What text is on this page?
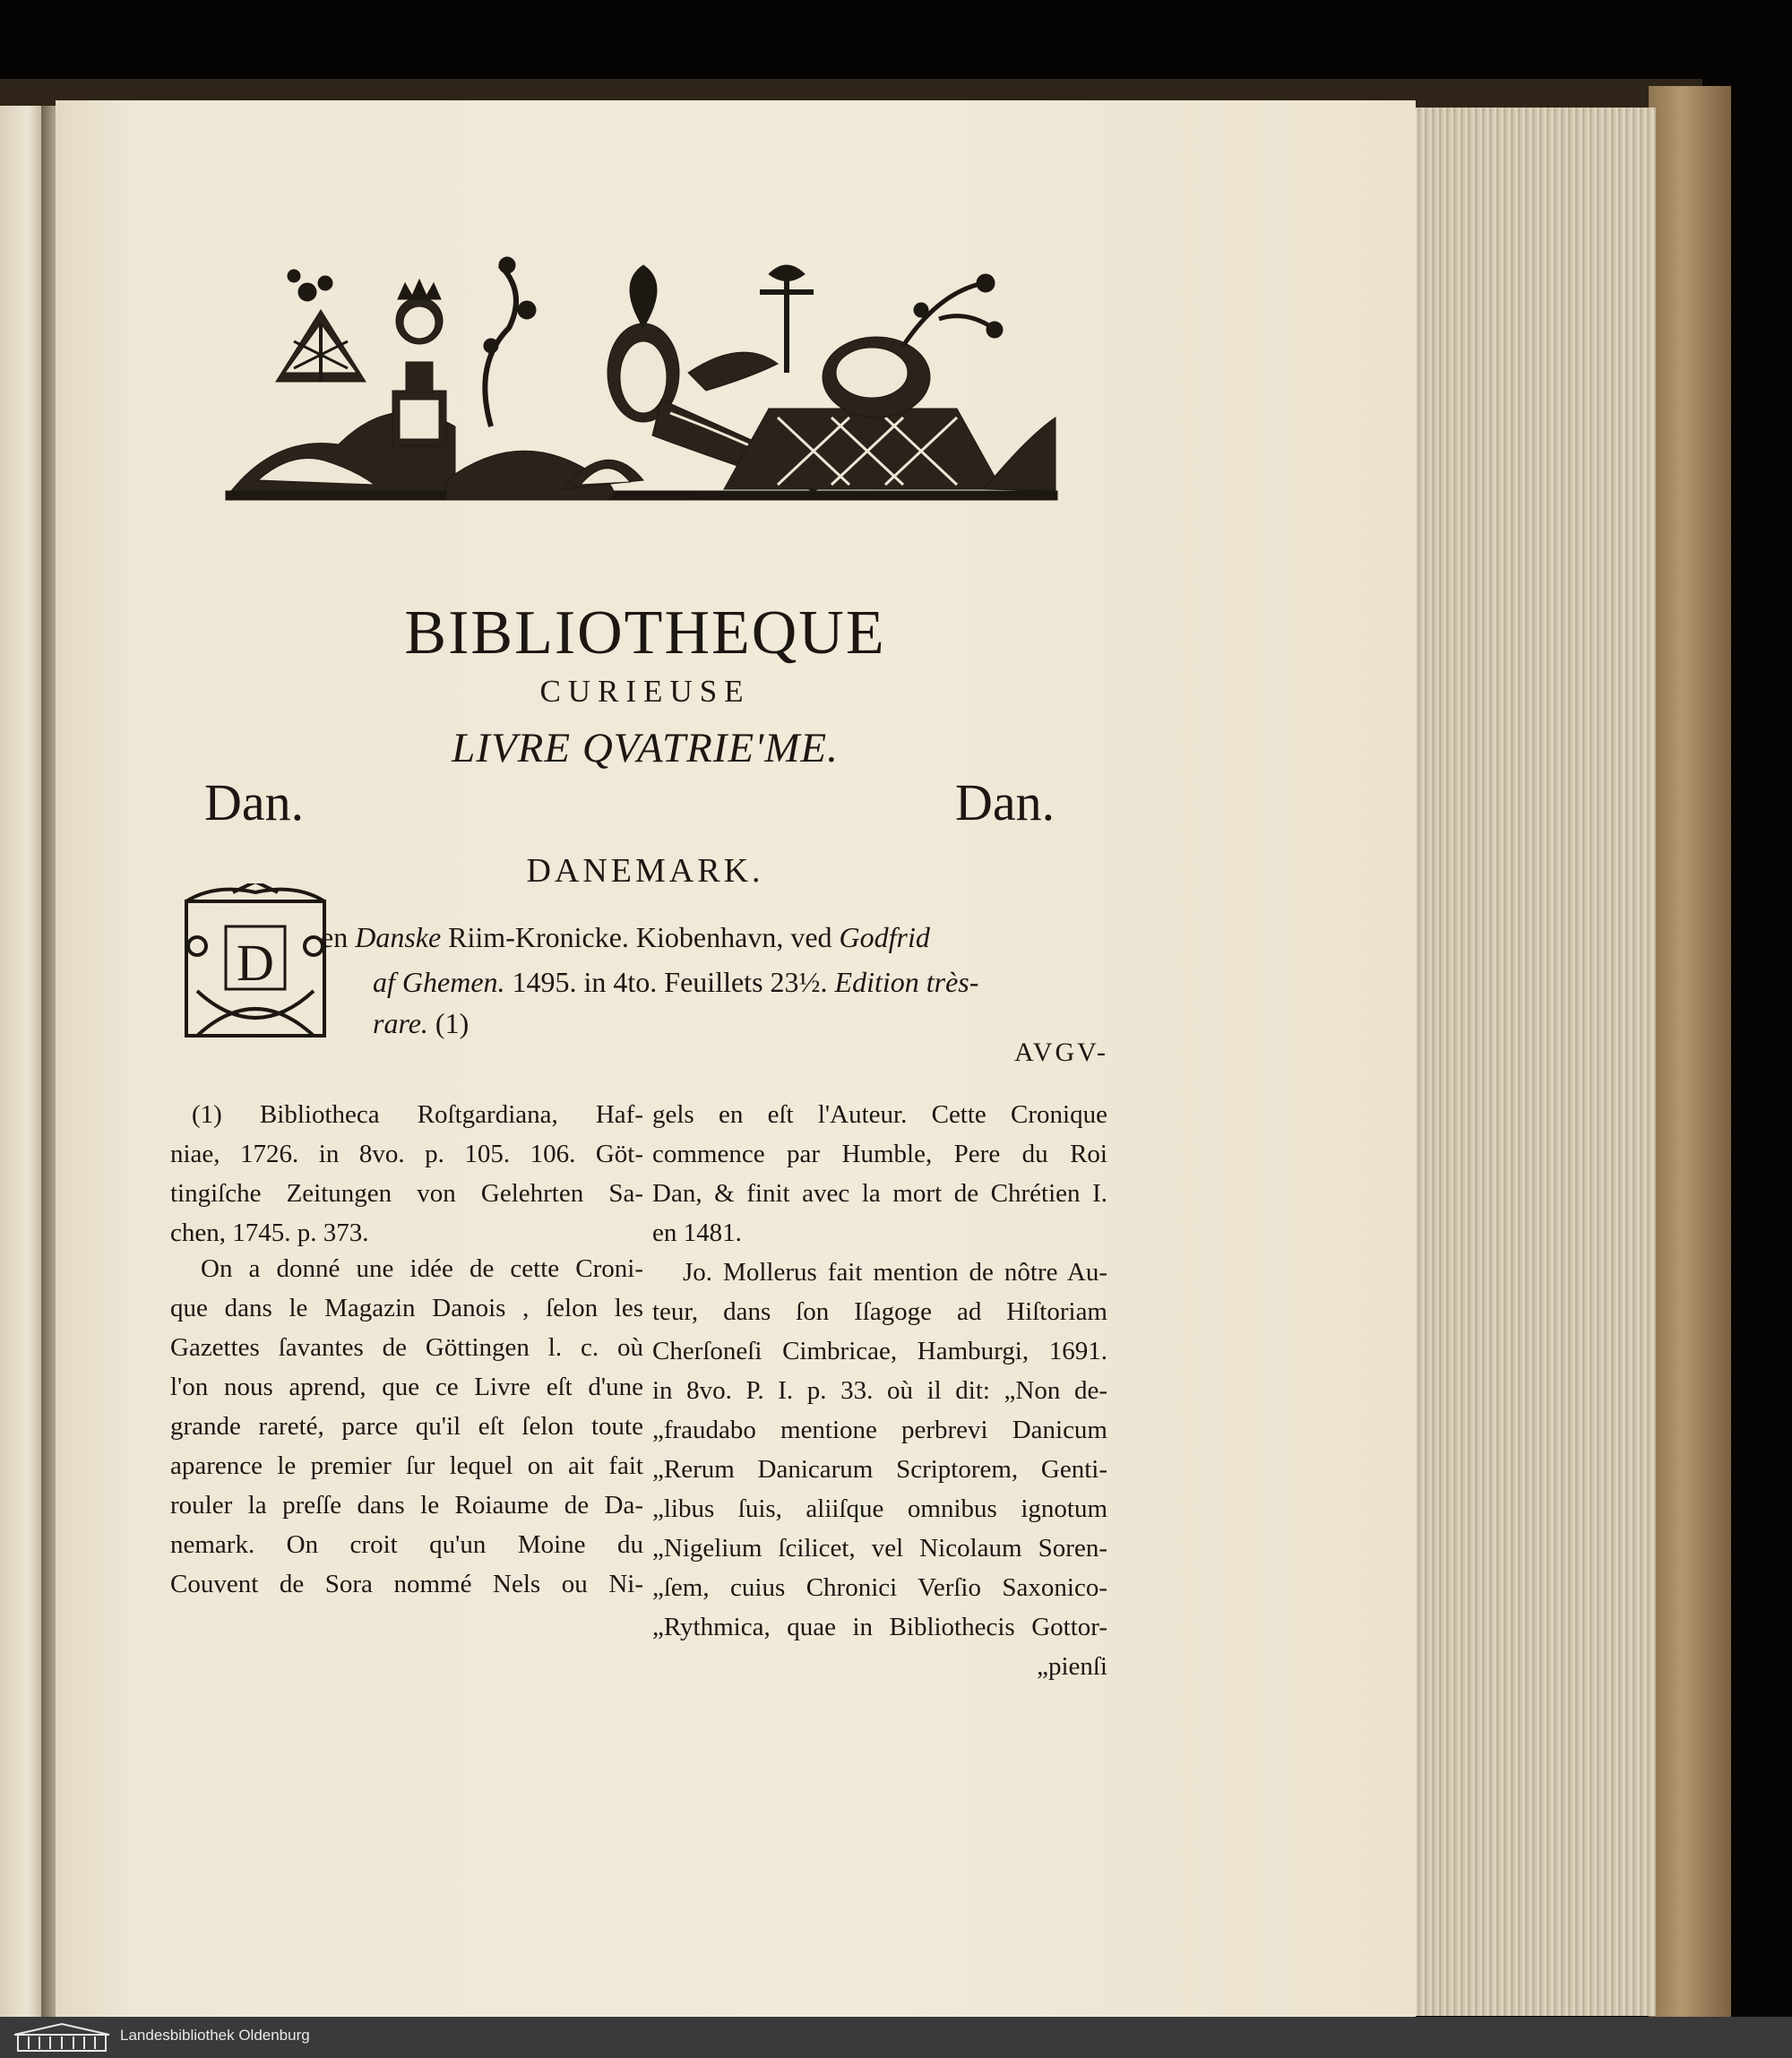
BIBLIOTHEQUE
CURIEUSE
LIVRE QVATRIE'ME.
Dan.	Dan.
DANEMARK.
D en Danske Riim-Kronicke. Kiobenhavn, ved Godfrid
af Ghemen. 1495. in 4to. Feuillets 23½. Edition très-
rare. (1)
AVGV-
(1) Bibliotheca Roſtgardiana, Haf-
niae, 1726. in 8vo. p. 105. 106. Göt-
tingiſche Zeitungen von Gelehrten Sa-
chen, 1745. p. 373.
On a donné une idée de cette Croni-
que dans le Magazin Danois , ſelon les
Gazettes ſavantes de Göttingen l. c. où
l'on nous aprend, que ce Livre eſt d'une
grande rareté, parce qu'il eſt ſelon toute
aparence le premier ſur lequel on ait fait
rouler la preſſe dans le Roiaume de Da-
nemark. On croit qu'un Moine du
Couvent de Sora nommé Nels ou Ni-
gels en eſt l'Auteur. Cette Cronique
commence par Humble, Pere du Roi
Dan, & finit avec la mort de Chrétien I.
en 1481.
Jo. Mollerus fait mention de nôtre Au-
teur, dans ſon Iſagoge ad Hiſtoriam
Cherſoneſi Cimbricae, Hamburgi, 1691.
in 8vo. P. I. p. 33. où il dit: „Non de-
„fraudabo mentione perbrevi Danicum
„Rerum Danicarum Scriptorem, Genti-
„libus ſuis, aliiſque omnibus ignotum
„Nigelium ſcilicet, vel Nicolaum Soren-
„ſem, cuius Chronici Verſio Saxonico-
„Rythmica, quae in Bibliothecis Gottor-
„pienſi
Landesbibliothek Oldenburg
